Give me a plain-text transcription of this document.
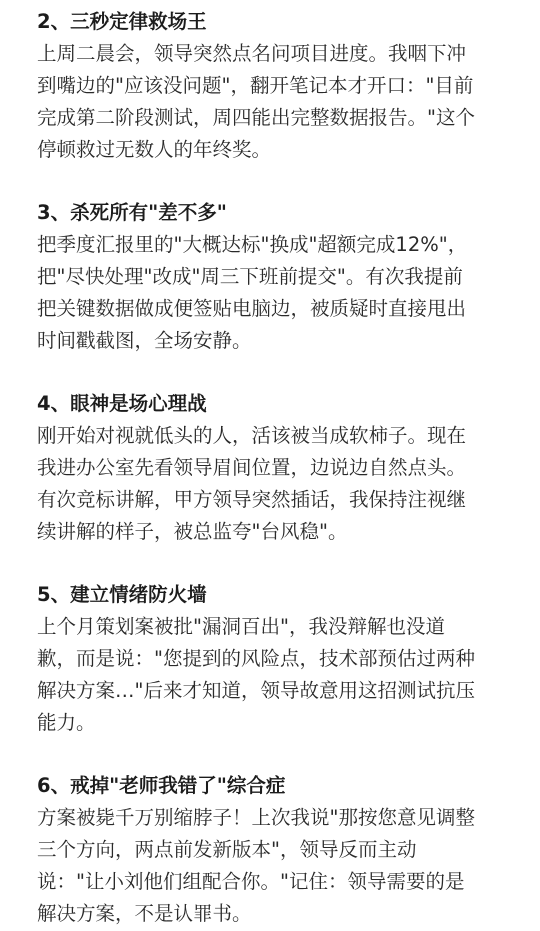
2、三秒定律救场王

上周二晨会，领导突然点名问项目进度。我咽下冲
到嘴边的"应该没问题"，翻开笔记本才开口："目前
完成第二阶段测试，周四能出完整数据报告。"这个
停顿救过无数人的年终奖。

3、杀死所有"差不多"

把季度汇报里的"大概达标"换成"超额完成12%"，
把"尽快处理"改成"周三下班前提交"。有次我提前
把关键数据做成便签贴电脑边，被质疑时直接甩出
时间戳截图，全场安静。

4、眼神是场心理战

刚开始对视就低头的人，活该被当成软柿子。现在
我进办公室先看领导眉间位置，边说边自然点头。
有次竞标讲解，甲方领导突然插话，我保持注视继
续讲解的样子，被总监夸"台风稳"。

5、建立情绪防火墙

上个月策划案被批"漏洞百出"，我没辩解也没道
歉，而是说："您提到的风险点，技术部预估过两种
解决方案…"后来才知道，领导故意用这招测试抗压
能力。

6、戒掉"老师我错了"综合症

方案被毙千万别缩脖子！上次我说"那按您意见调整
三个方向，两点前发新版本"，领导反而主动
说："让小刘他们组配合你。"记住：领导需要的是
解决方案，不是认罪书。
